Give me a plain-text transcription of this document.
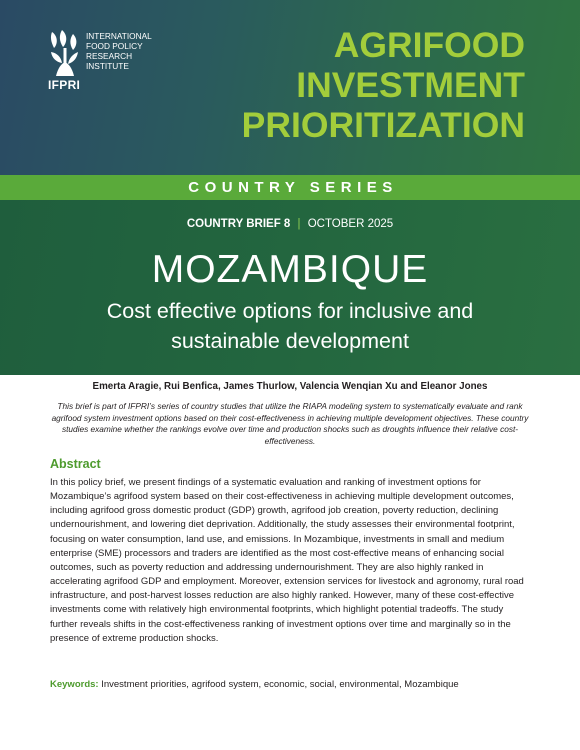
IFPRI
INTERNATIONAL
FOOD POLICY
RESEARCH
INSTITUTE
AGRIFOOD
INVESTMENT
PRIORITIZATION
COUNTRY SERIES
COUNTRY BRIEF 8 | OCTOBER 2025
MOZAMBIQUE
Cost effective options for inclusive and sustainable development
Emerta Aragie, Rui Benfica, James Thurlow, Valencia Wenqian Xu and Eleanor Jones
This brief is part of IFPRI’s series of country studies that utilize the RIAPA modeling system to systematically evaluate and rank agrifood system investment options based on their cost-effectiveness in achieving multiple development objectives. These country studies examine whether the rankings evolve over time and production shocks such as droughts influence their relative cost-effectiveness.
Abstract
In this policy brief, we present findings of a systematic evaluation and ranking of investment options for Mozambique’s agrifood system based on their cost-effectiveness in achieving multiple development outcomes, including agrifood gross domestic product (GDP) growth, agrifood job creation, poverty reduction, declining undernourishment, and lowering diet deprivation. Additionally, the study assesses their environmental footprint, focusing on water consumption, land use, and emissions. In Mozambique, investments in small and medium enterprise (SME) processors and traders are identified as the most cost-effective means of enhancing social outcomes, such as poverty reduction and addressing undernourishment. They are also highly ranked in accelerating agrifood GDP and employment. Moreover, extension services for livestock and agronomy, rural road infrastructure, and post-harvest losses reduction are also highly ranked. However, many of these cost-effective investments come with relatively high environmental footprints, which highlight potential tradeoffs. The study further reveals shifts in the cost-effectiveness ranking of investment options over time and marginally so in the presence of extreme production shocks.
Keywords: Investment priorities, agrifood system, economic, social, environmental, Mozambique
